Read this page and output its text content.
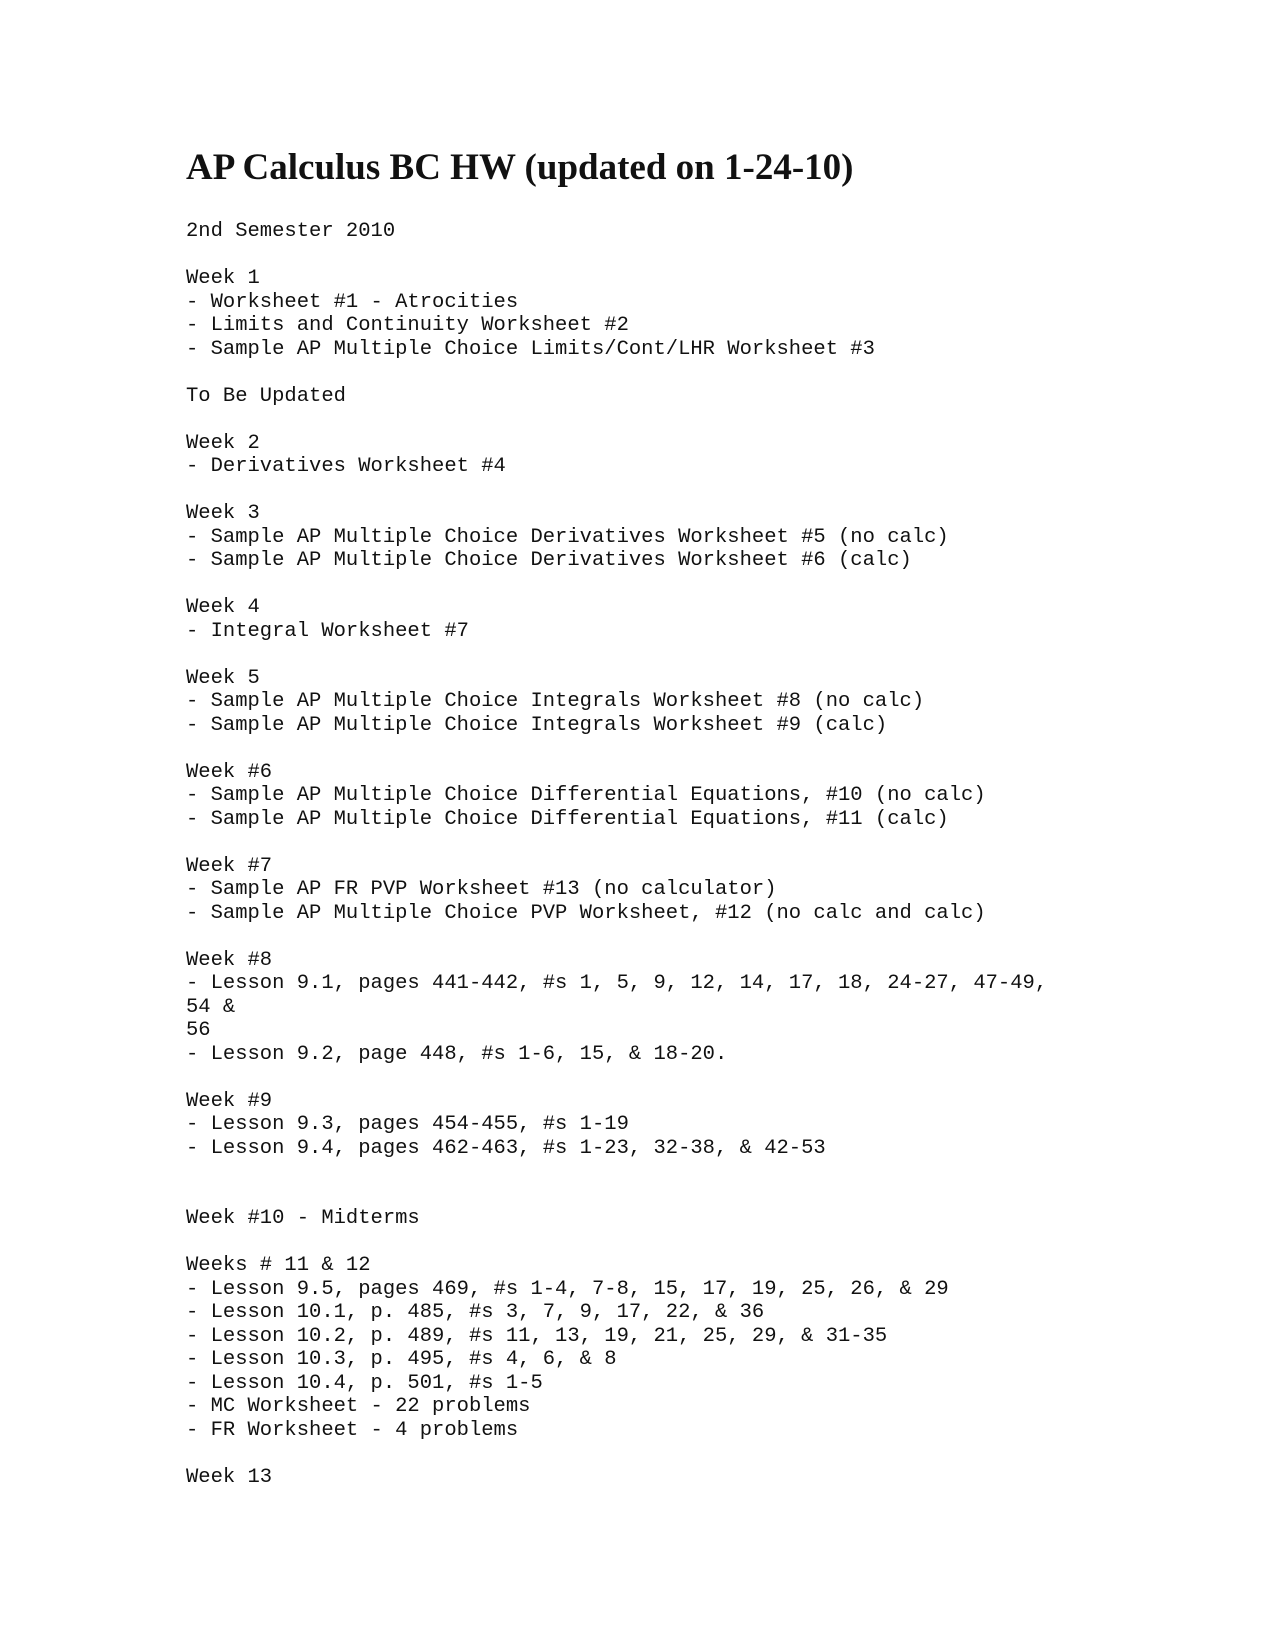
AP Calculus BC HW (updated on 1-24-10)
2nd Semester 2010
Week 1
- Worksheet #1 - Atrocities
- Limits and Continuity Worksheet #2
- Sample AP Multiple Choice Limits/Cont/LHR Worksheet #3
To Be Updated
Week 2
- Derivatives Worksheet #4
Week 3
- Sample AP Multiple Choice Derivatives Worksheet #5 (no calc)
- Sample AP Multiple Choice Derivatives Worksheet #6 (calc)
Week 4
- Integral Worksheet #7
Week 5
- Sample AP Multiple Choice Integrals Worksheet #8 (no calc)
- Sample AP Multiple Choice Integrals Worksheet #9 (calc)
Week #6
- Sample AP Multiple Choice Differential Equations, #10 (no calc)
- Sample AP Multiple Choice Differential Equations, #11 (calc)
Week #7
- Sample AP FR PVP Worksheet #13 (no calculator)
- Sample AP Multiple Choice PVP Worksheet, #12 (no calc and calc)
Week #8
- Lesson 9.1, pages 441-442, #s 1, 5, 9, 12, 14, 17, 18, 24-27, 47-49,
54 &
56
- Lesson 9.2, page 448, #s 1-6, 15, & 18-20.
Week #9
- Lesson 9.3, pages 454-455, #s 1-19
- Lesson 9.4, pages 462-463, #s 1-23, 32-38, & 42-53
Week #10 - Midterms
Weeks # 11 & 12
- Lesson 9.5, pages 469, #s 1-4, 7-8, 15, 17, 19, 25, 26, & 29
- Lesson 10.1, p. 485, #s 3, 7, 9, 17, 22, & 36
- Lesson 10.2, p. 489, #s 11, 13, 19, 21, 25, 29, & 31-35
- Lesson 10.3, p. 495, #s 4, 6, & 8
- Lesson 10.4, p. 501, #s 1-5
- MC Worksheet - 22 problems
- FR Worksheet - 4 problems
Week 13
